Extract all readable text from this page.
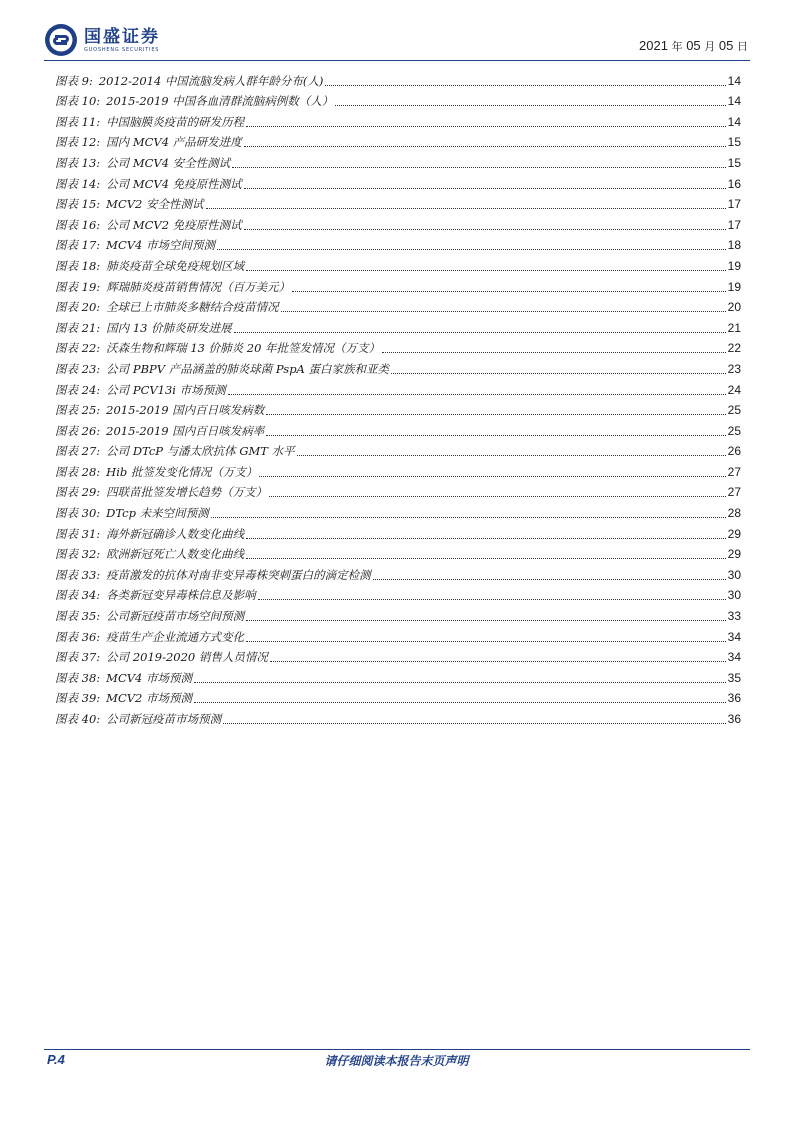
国盛证券
GUOSHENG SECURITIES	2021 年 05 月 05 日
图表 9: 2012-2014 中国流脑发病人群年龄分布(人)	14
图表 10: 2015-2019 中国各血清群流脑病例数（人）	14
图表 11: 中国脑膜炎疫苗的研发历程	14
图表 12: 国内 MCV4 产品研发进度	15
图表 13: 公司 MCV4 安全性测试	15
图表 14: 公司 MCV4 免疫原性测试	16
图表 15: MCV2 安全性测试	17
图表 16: 公司 MCV2 免疫原性测试	17
图表 17: MCV4 市场空间预测	18
图表 18: 肺炎疫苗全球免疫规划区域	19
图表 19: 辉瑞肺炎疫苗销售情况（百万美元）	19
图表 20: 全球已上市肺炎多糖结合疫苗情况	20
图表 21: 国内 13 价肺炎研发进展	21
图表 22: 沃森生物和辉瑞 13 价肺炎 20 年批签发情况（万支）	22
图表 23: 公司 PBPV 产品涵盖的肺炎球菌 PspA 蛋白家族和亚类	23
图表 24: 公司 PCV13i 市场预测	24
图表 25: 2015-2019 国内百日咳发病数	25
图表 26: 2015-2019 国内百日咳发病率	25
图表 27: 公司 DTcP 与潘太欣抗体 GMT 水平	26
图表 28: Hib 批签发变化情况（万支）	27
图表 29: 四联苗批签发增长趋势（万支）	27
图表 30: DTcp 未来空间预测	28
图表 31: 海外新冠确诊人数变化曲线	29
图表 32: 欧洲新冠死亡人数变化曲线	29
图表 33: 疫苗激发的抗体对南非变异毒株突刺蛋白的滴定检测	30
图表 34: 各类新冠变异毒株信息及影响	30
图表 35: 公司新冠疫苗市场空间预测	33
图表 36: 疫苗生产企业流通方式变化	34
图表 37: 公司 2019-2020 销售人员情况	34
图表 38: MCV4 市场预测	35
图表 39: MCV2 市场预测	36
图表 40: 公司新冠疫苗市场预测	36
P.4	请仔细阅读本报告末页声明
